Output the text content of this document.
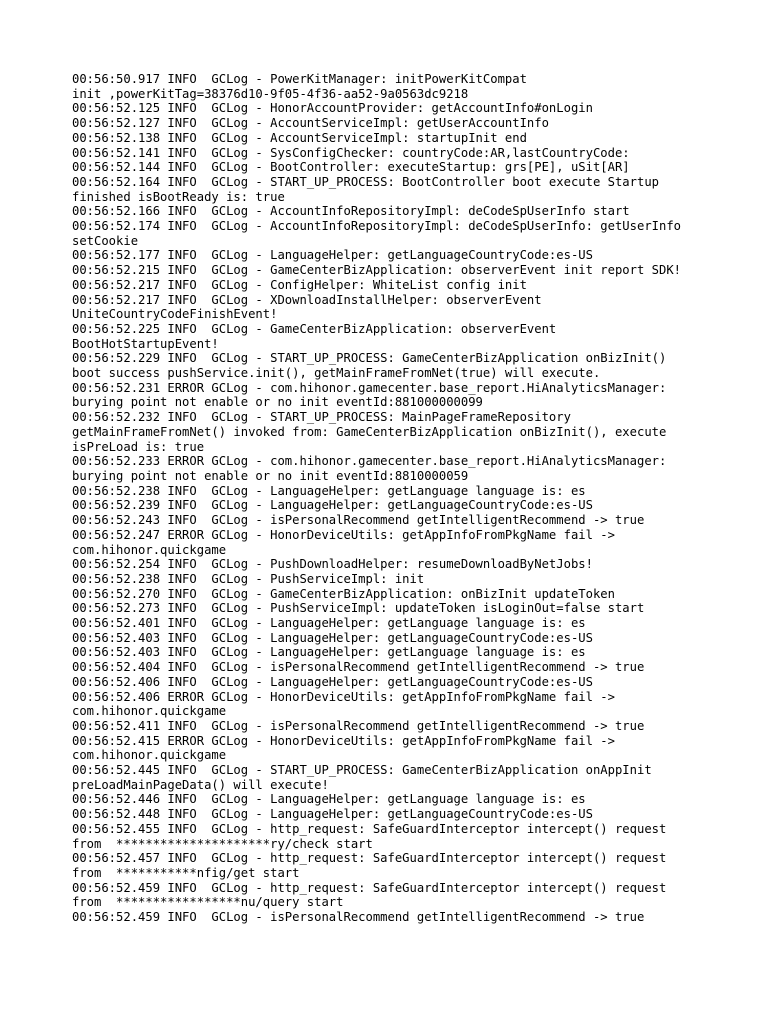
00:56:50.917 INFO  GCLog - PowerKitManager: initPowerKitCompat
init ,powerKitTag=38376d10-9f05-4f36-aa52-9a0563dc9218
00:56:52.125 INFO  GCLog - HonorAccountProvider: getAccountInfo#onLogin
00:56:52.127 INFO  GCLog - AccountServiceImpl: getUserAccountInfo
00:56:52.138 INFO  GCLog - AccountServiceImpl: startupInit end
00:56:52.141 INFO  GCLog - SysConfigChecker: countryCode:AR,lastCountryCode:
00:56:52.144 INFO  GCLog - BootController: executeStartup: grs[PE], uSit[AR]
00:56:52.164 INFO  GCLog - START_UP_PROCESS: BootController boot execute Startup
finished isBootReady is: true
00:56:52.166 INFO  GCLog - AccountInfoRepositoryImpl: deCodeSpUserInfo start
00:56:52.174 INFO  GCLog - AccountInfoRepositoryImpl: deCodeSpUserInfo: getUserInfo
setCookie
00:56:52.177 INFO  GCLog - LanguageHelper: getLanguageCountryCode:es-US
00:56:52.215 INFO  GCLog - GameCenterBizApplication: observerEvent init report SDK!
00:56:52.217 INFO  GCLog - ConfigHelper: WhiteList config init
00:56:52.217 INFO  GCLog - XDownloadInstallHelper: observerEvent
UniteCountryCodeFinishEvent!
00:56:52.225 INFO  GCLog - GameCenterBizApplication: observerEvent
BootHotStartupEvent!
00:56:52.229 INFO  GCLog - START_UP_PROCESS: GameCenterBizApplication onBizInit()
boot success pushService.init(), getMainFrameFromNet(true) will execute.
00:56:52.231 ERROR GCLog - com.hihonor.gamecenter.base_report.HiAnalyticsManager:
burying point not enable or no init eventId:881000000099
00:56:52.232 INFO  GCLog - START_UP_PROCESS: MainPageFrameRepository
getMainFrameFromNet() invoked from: GameCenterBizApplication onBizInit(), execute
isPreLoad is: true
00:56:52.233 ERROR GCLog - com.hihonor.gamecenter.base_report.HiAnalyticsManager:
burying point not enable or no init eventId:8810000059
00:56:52.238 INFO  GCLog - LanguageHelper: getLanguage language is: es
00:56:52.239 INFO  GCLog - LanguageHelper: getLanguageCountryCode:es-US
00:56:52.243 INFO  GCLog - isPersonalRecommend getIntelligentRecommend -> true
00:56:52.247 ERROR GCLog - HonorDeviceUtils: getAppInfoFromPkgName fail ->
com.hihonor.quickgame
00:56:52.254 INFO  GCLog - PushDownloadHelper: resumeDownloadByNetJobs!
00:56:52.238 INFO  GCLog - PushServiceImpl: init
00:56:52.270 INFO  GCLog - GameCenterBizApplication: onBizInit updateToken
00:56:52.273 INFO  GCLog - PushServiceImpl: updateToken isLoginOut=false start
00:56:52.401 INFO  GCLog - LanguageHelper: getLanguage language is: es
00:56:52.403 INFO  GCLog - LanguageHelper: getLanguageCountryCode:es-US
00:56:52.403 INFO  GCLog - LanguageHelper: getLanguage language is: es
00:56:52.404 INFO  GCLog - isPersonalRecommend getIntelligentRecommend -> true
00:56:52.406 INFO  GCLog - LanguageHelper: getLanguageCountryCode:es-US
00:56:52.406 ERROR GCLog - HonorDeviceUtils: getAppInfoFromPkgName fail ->
com.hihonor.quickgame
00:56:52.411 INFO  GCLog - isPersonalRecommend getIntelligentRecommend -> true
00:56:52.415 ERROR GCLog - HonorDeviceUtils: getAppInfoFromPkgName fail ->
com.hihonor.quickgame
00:56:52.445 INFO  GCLog - START_UP_PROCESS: GameCenterBizApplication onAppInit
preLoadMainPageData() will execute!
00:56:52.446 INFO  GCLog - LanguageHelper: getLanguage language is: es
00:56:52.448 INFO  GCLog - LanguageHelper: getLanguageCountryCode:es-US
00:56:52.455 INFO  GCLog - http_request: SafeGuardInterceptor intercept() request
from  *********************ry/check start
00:56:52.457 INFO  GCLog - http_request: SafeGuardInterceptor intercept() request
from  ***********nfig/get start
00:56:52.459 INFO  GCLog - http_request: SafeGuardInterceptor intercept() request
from  *****************nu/query start
00:56:52.459 INFO  GCLog - isPersonalRecommend getIntelligentRecommend -> true
